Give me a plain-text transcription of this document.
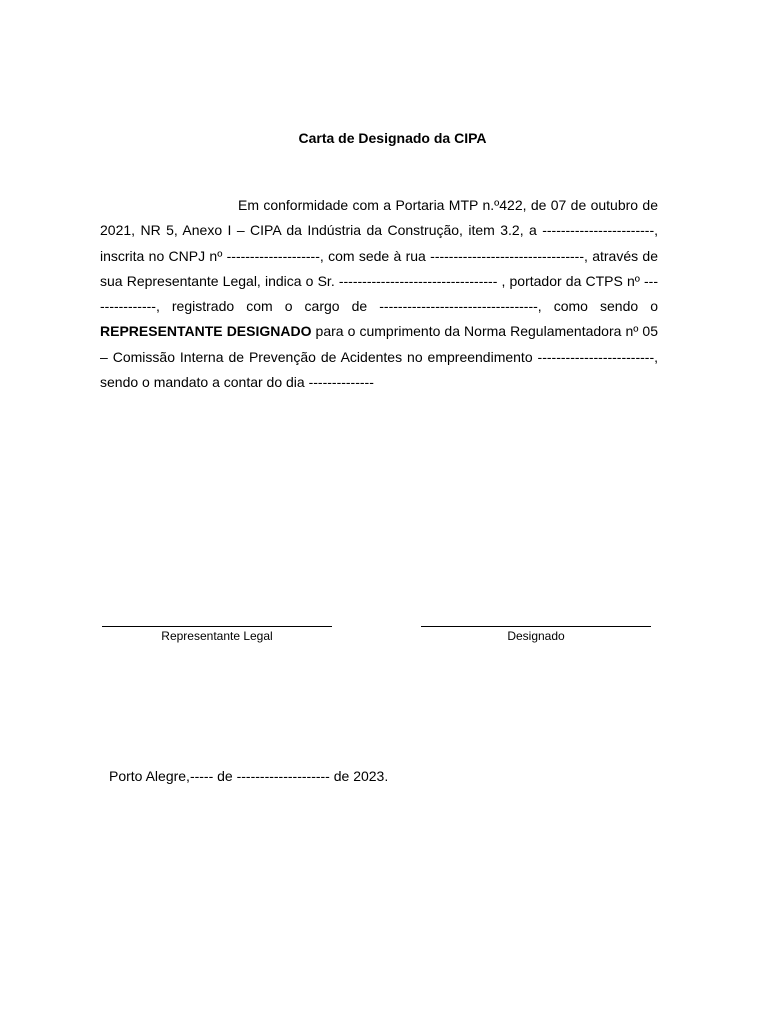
Carta de Designado da CIPA

Em conformidade com a Portaria MTP n.º422, de 07 de outubro de 2021, NR 5, Anexo I – CIPA da Indústria da Construção, item 3.2, a ------------------------, inscrita no CNPJ nº --------------------, com sede à rua ---------------------------------, através de sua Representante Legal, indica o Sr. ---------------------------------- , portador da CTPS nº ---------------, registrado com o cargo de ----------------------------------, como sendo o REPRESENTANTE DESIGNADO para o cumprimento da Norma Regulamentadora nº 05 – Comissão Interna de Prevenção de Acidentes no empreendimento -------------------------, sendo o mandato a contar do dia --------------

Representante Legal	Designado
Porto Alegre,----- de -------------------- de 2023.
